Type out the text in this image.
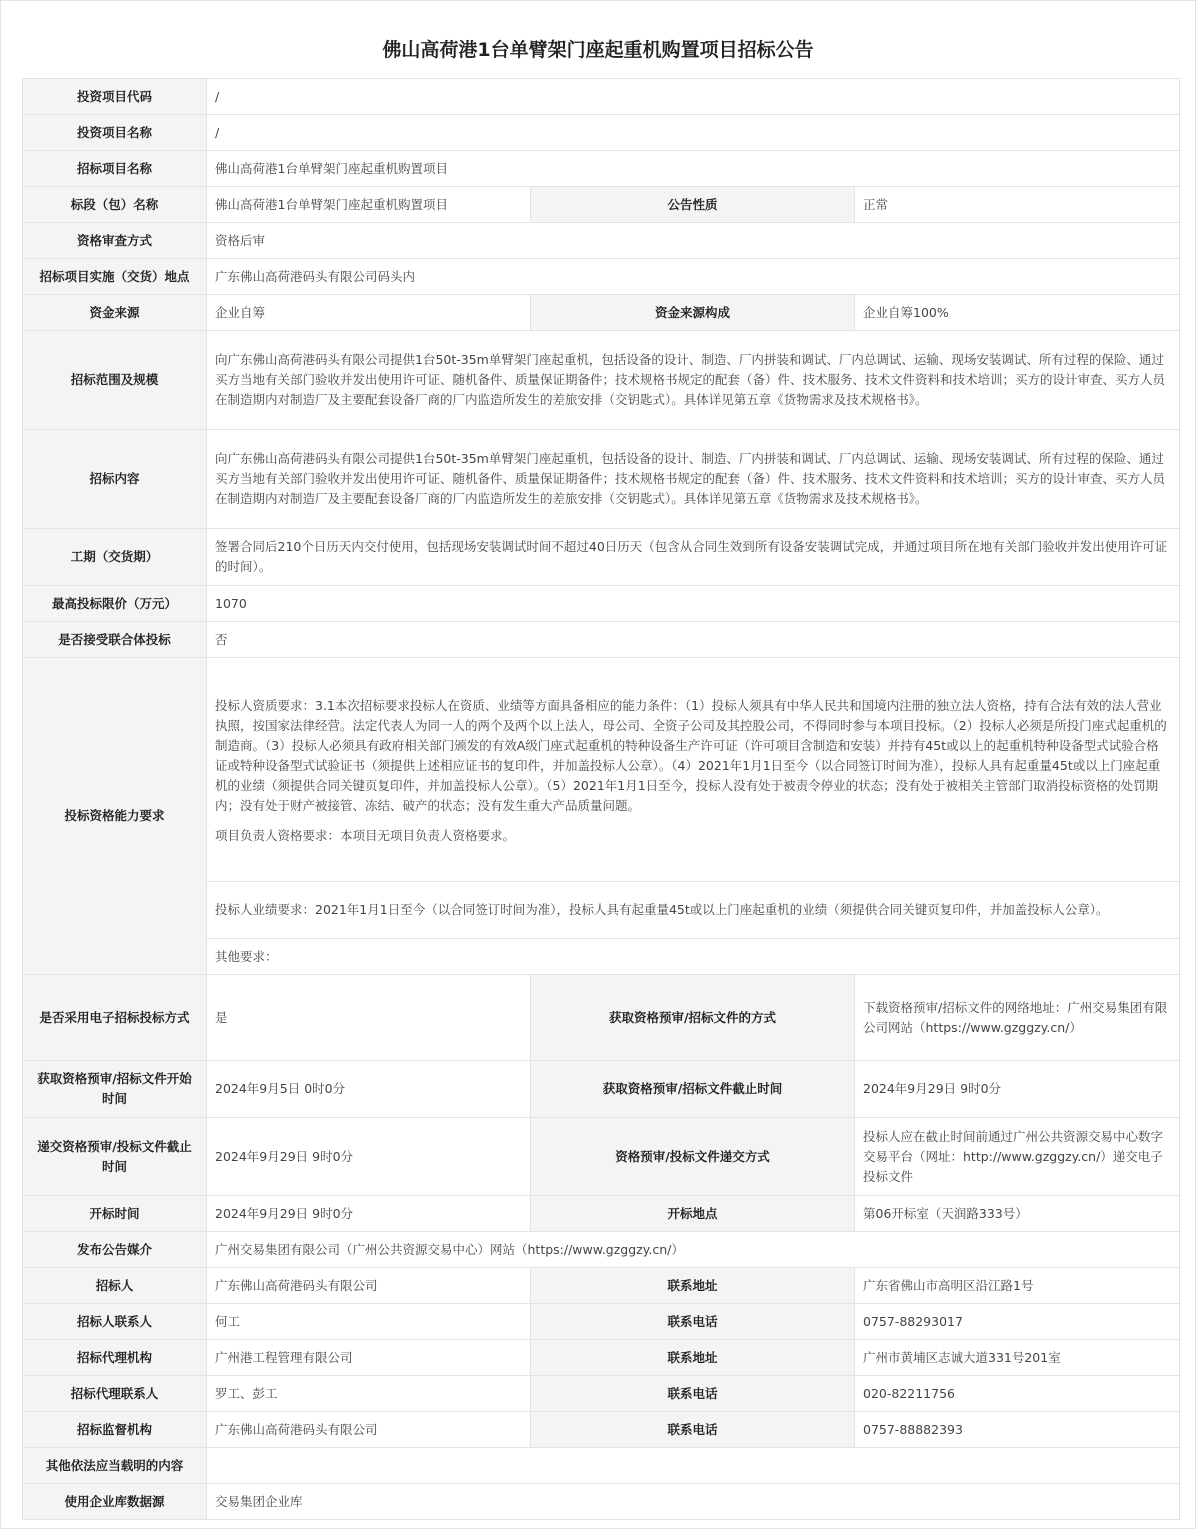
佛山高荷港1台单臂架门座起重机购置项目招标公告
投资项目代码	/		
投资项目名称	/		
招标项目名称	佛山高荷港1台单臂架门座起重机购置项目		
标段（包）名称	佛山高荷港1台单臂架门座起重机购置项目	公告性质	正常
资格审查方式	资格后审		
招标项目实施（交货）地点	广东佛山高荷港码头有限公司码头内		
资金来源	企业自筹	资金来源构成	企业自筹100%
招标范围及规模	向广东佛山高荷港码头有限公司提供1台50t-35m单臂架门座起重机，包括设备的设计、制造、厂内拼装和调试、厂内总调试、运输、现场安装调试、所有过程的保险、通过买方当地有关部门验收并发出使用许可证、随机备件、质量保证期备件；技术规格书规定的配套（备）件、技术服务、技术文件资料和技术培训；买方的设计审查、买方人员在制造期内对制造厂及主要配套设备厂商的厂内监造所发生的差旅安排（交钥匙式）。具体详见第五章《货物需求及技术规格书》。		
招标内容	向广东佛山高荷港码头有限公司提供1台50t-35m单臂架门座起重机，包括设备的设计、制造、厂内拼装和调试、厂内总调试、运输、现场安装调试、所有过程的保险、通过买方当地有关部门验收并发出使用许可证、随机备件、质量保证期备件；技术规格书规定的配套（备）件、技术服务、技术文件资料和技术培训；买方的设计审查、买方人员在制造期内对制造厂及主要配套设备厂商的厂内监造所发生的差旅安排（交钥匙式）。具体详见第五章《货物需求及技术规格书》。		
工期（交货期）	签署合同后210个日历天内交付使用，包括现场安装调试时间不超过40日历天（包含从合同生效到所有设备安装调试完成，并通过项目所在地有关部门验收并发出使用许可证的时间）。		
最高投标限价（万元）	1070		
是否接受联合体投标	否		
投标资格能力要求	投标人资质要求：3.1本次招标要求投标人在资质、业绩等方面具备相应的能力条件：（1）投标人须具有中华人民共和国境内注册的独立法人资格，持有合法有效的法人营业执照，按国家法律经营。法定代表人为同一人的两个及两个以上法人，母公司、全资子公司及其控股公司，不得同时参与本项目投标。（2）投标人必须是所投门座式起重机的制造商。（3）投标人必须具有政府相关部门颁发的有效A级门座式起重机的特种设备生产许可证（许可项目含制造和安装）并持有45t或以上的起重机特种设备型式试验合格证或特种设备型式试验证书（须提供上述相应证书的复印件，并加盖投标人公章）。（4）2021年1月1日至今（以合同签订时间为准），投标人具有起重量45t或以上门座起重机的业绩（须提供合同关键页复印件，并加盖投标人公章）。（5）2021年1月1日至今，投标人没有处于被责令停业的状态；没有处于被相关主管部门取消投标资格的处罚期内；没有处于财产被接管、冻结、破产的状态；没有发生重大产品质量问题。

项目负责人资格要求：本项目无项目负责人资格要求。		

	投标人业绩要求：2021年1月1日至今（以合同签订时间为准），投标人具有起重量45t或以上门座起重机的业绩（须提供合同关键页复印件，并加盖投标人公章）。		
	其他要求：		
是否采用电子招标投标方式	是	获取资格预审/招标文件的方式	下载资格预审/招标文件的网络地址：广州交易集团有限公司网站（https://www.gzggzy.cn/）
获取资格预审/招标文件开始时间	2024年9月5日 0时0分	获取资格预审/招标文件截止时间	2024年9月29日 9时0分
递交资格预审/投标文件截止时间	2024年9月29日 9时0分	资格预审/投标文件递交方式	投标人应在截止时间前通过广州公共资源交易中心数字交易平台（网址：http://www.gzggzy.cn/）递交电子投标文件
开标时间	2024年9月29日 9时0分	开标地点	第06开标室（天润路333号）
发布公告媒介	广州交易集团有限公司（广州公共资源交易中心）网站（https://www.gzggzy.cn/）		
招标人	广东佛山高荷港码头有限公司	联系地址	广东省佛山市高明区沿江路1号
招标人联系人	何工	联系电话	0757-88293017
招标代理机构	广州港工程管理有限公司	联系地址	广州市黄埔区志诚大道331号201室
招标代理联系人	罗工、彭工	联系电话	020-82211756
招标监督机构	广东佛山高荷港码头有限公司	联系电话	0757-88882393
其他依法应当载明的内容			
使用企业库数据源	交易集团企业库		
